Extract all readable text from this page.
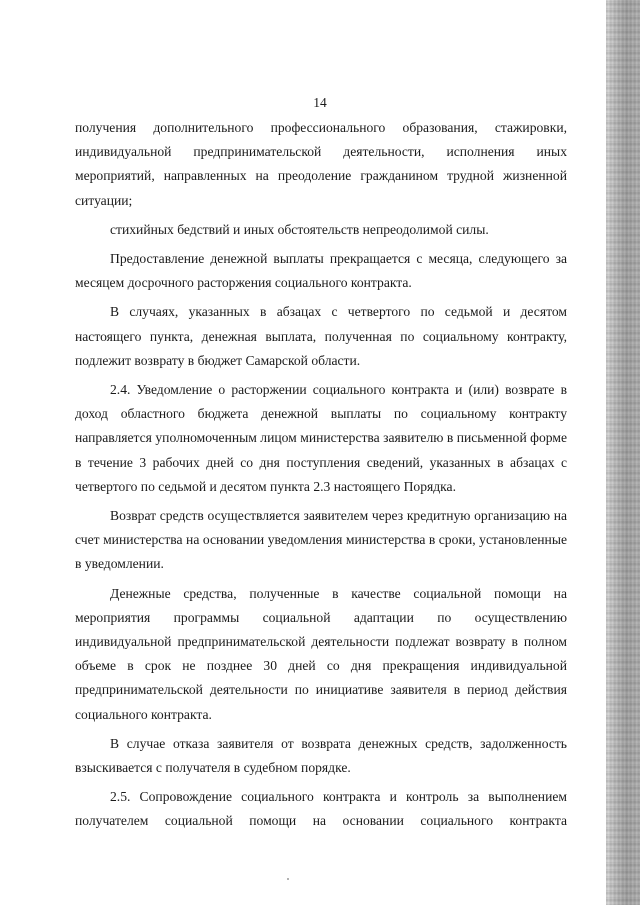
14

получения дополнительного профессионального образования, стажировки, индивидуальной предпринимательской деятельности, исполнения иных мероприятий, направленных на преодоление гражданином трудной жизненной ситуации;

стихийных бедствий и иных обстоятельств непреодолимой силы.

Предоставление денежной выплаты прекращается с месяца, следующего за месяцем досрочного расторжения социального контракта.

В случаях, указанных в абзацах с четвертого по седьмой и десятом настоящего пункта, денежная выплата, полученная по социальному контракту, подлежит возврату в бюджет Самарской области.

2.4. Уведомление о расторжении социального контракта и (или) возврате в доход областного бюджета денежной выплаты по социальному контракту направляется уполномоченным лицом министерства заявителю в письменной форме в течение 3 рабочих дней со дня поступления сведений, указанных в абзацах с четвертого по седьмой и десятом пункта 2.3 настоящего Порядка.

Возврат средств осуществляется заявителем через кредитную организацию на счет министерства на основании уведомления министерства в сроки, установленные в уведомлении.

Денежные средства, полученные в качестве социальной помощи на мероприятия программы социальной адаптации по осуществлению индивидуальной предпринимательской деятельности подлежат возврату в полном объеме в срок не позднее 30 дней со дня прекращения индивидуальной предпринимательской деятельности по инициативе заявителя в период действия социального контракта.

В случае отказа заявителя от возврата денежных средств, задолженность взыскивается с получателя в судебном порядке.

2.5. Сопровождение социального контракта и контроль за выполнением получателем социальной помощи на основании социального контракта
